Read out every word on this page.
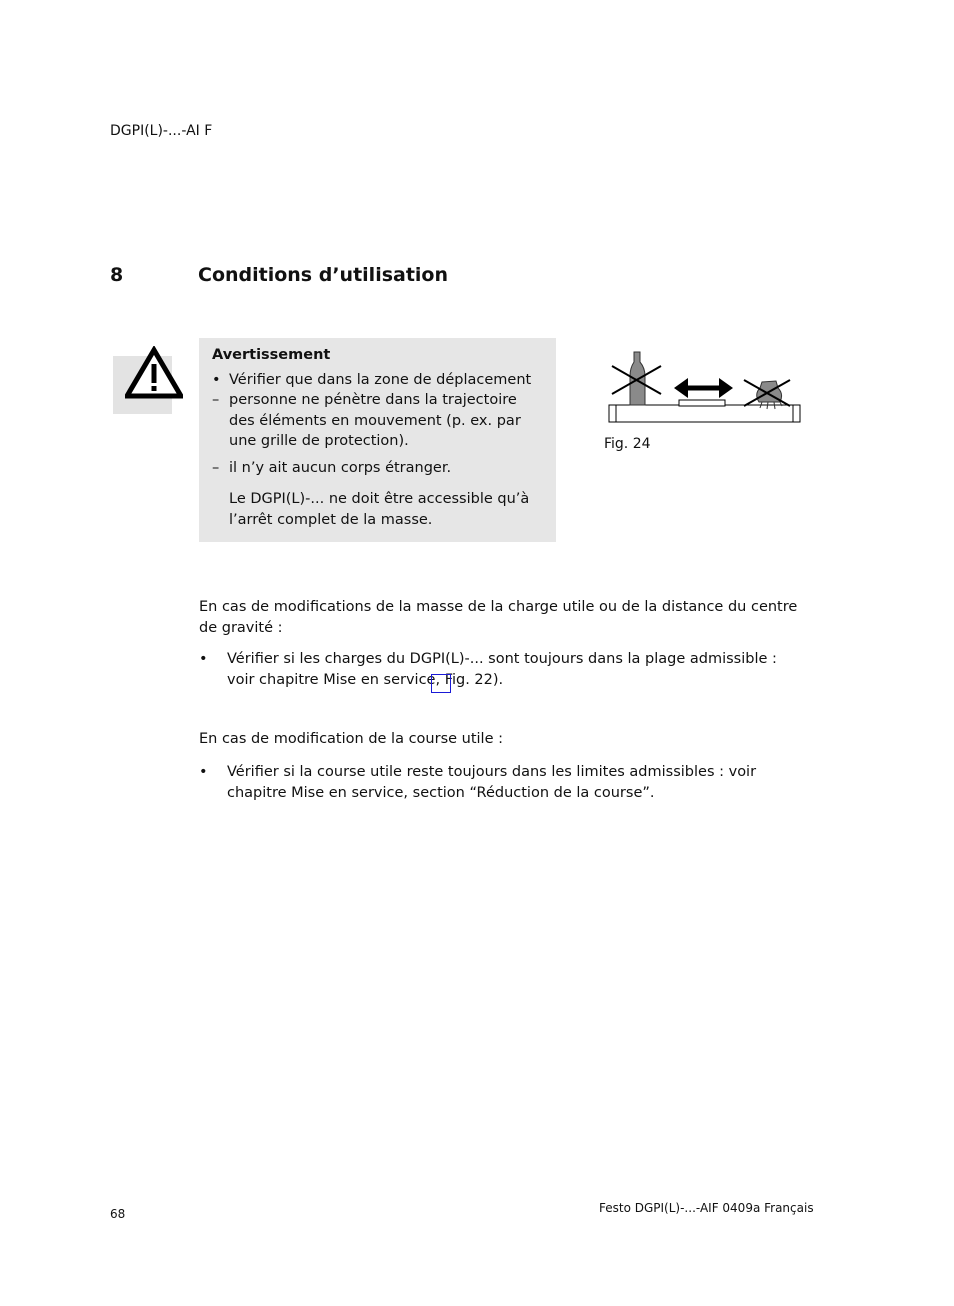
DGPI(L)-...-AI F
8	Conditions d’utilisation
Avertissement
• Vérifier que dans la zone de déplacement
– personne ne pénètre dans la trajectoire des éléments en mouvement (p. ex. par une grille de protection).
– il n’y ait aucun corps étranger.
Le DGPI(L)-... ne doit être accessible qu’à l’arrêt complet de la masse.
Fig. 24
En cas de modifications de la masse de la charge utile ou de la distance du centre de gravité :
•	Vérifier si les charges du DGPI(L)-... sont toujours dans la plage admissible : voir chapitre Mise en service, Fig. 22).
En cas de modification de la course utile :
•	Vérifier si la course utile reste toujours dans les limites admissibles : voir chapitre Mise en service, section “Réduction de la course”.
68	Festo DGPI(L)-...-AIF 0409a Français
